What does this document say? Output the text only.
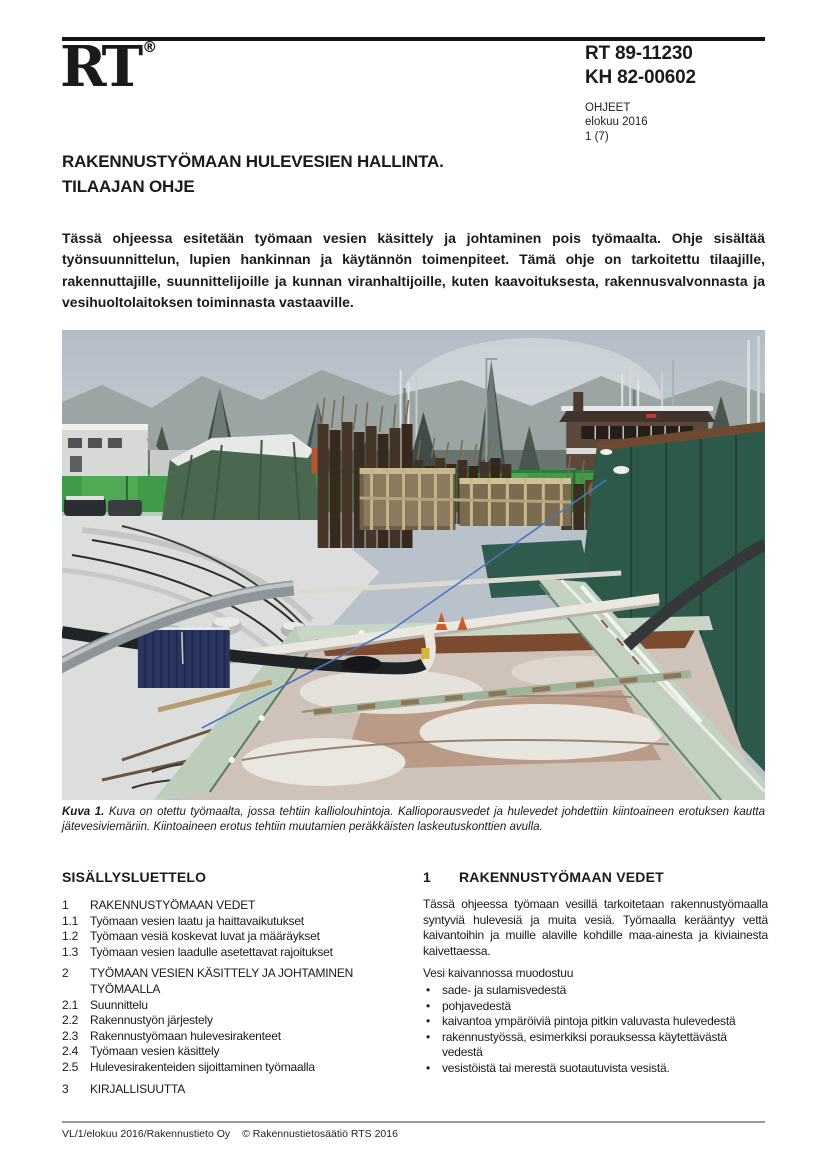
RT ®	RT 89-11230
KH 82-00602
OHJEET
elokuu 2016
1 (7)
RAKENNUSTYÖMAAN HULEVESIEN HALLINTA.
TILAAJAN OHJE

Tässä ohjeessa esitetään työmaan vesien käsittely ja johtaminen pois työmaalta. Ohje sisältää työnsuunnittelun, lupien hankinnan ja käytännön toimenpiteet. Tämä ohje on tarkoitettu tilaajille, rakennuttajille, suunnittelijoille ja kunnan viranhaltijoille, kuten kaavoituksesta, rakennusvalvonnasta ja vesihuoltolaitoksen toiminnasta vastaaville.

Kuva 1. Kuva on otettu työmaalta, jossa tehtiin kalliolouhintoja. Kallioporausvedet ja hulevedet johdettiin kiintoaineen erotuksen kautta jätevesiviemäriin. Kiintoaineen erotus tehtiin muutamien peräkkäisten laskeutuskonttien avulla.

SISÄLLYSLUETTELO
1	RAKENNUSTYÖMAAN VEDET
1.1 Työmaan vesien laatu ja haittavaikutukset
1.2 Työmaan vesiä koskevat luvat ja määräykset
1.3 Työmaan vesien laadulle asetettavat rajoitukset
2	TYÖMAAN VESIEN KÄSITTELY JA JOHTAMINEN TYÖMAALLA
2.1 Suunnittelu
2.2 Rakennustyön järjestely
2.3 Rakennustyömaan hulevesirakenteet
2.4 Työmaan vesien käsittely
2.5 Hulevesirakenteiden sijoittaminen työmaalla
3	KIRJALLISUUTTA
1	RAKENNUSTYÖMAAN VEDET

Tässä ohjeessa työmaan vesillä tarkoitetaan rakennustyömaalla syntyviä hulevesiä ja muita vesiä. Työmaalla kerääntyy vettä kaivantoihin ja muille alaville kohdille maa-ainesta ja kiviainesta kaivettaessa.

Vesi kaivannossa muodostuu

• sade- ja sulamisvedestä
• pohjavedestä
• kaivantoa ympäröiviä pintoja pitkin valuvasta hulevedestä
• rakennustyössä, esimerkiksi porauksessa käytettävästä vedestä
• vesistöistä tai merestä suotautuvista vesistä.
VL/1/elokuu 2016/Rakennustieto Oy © Rakennustietosäätiö RTS 2016
